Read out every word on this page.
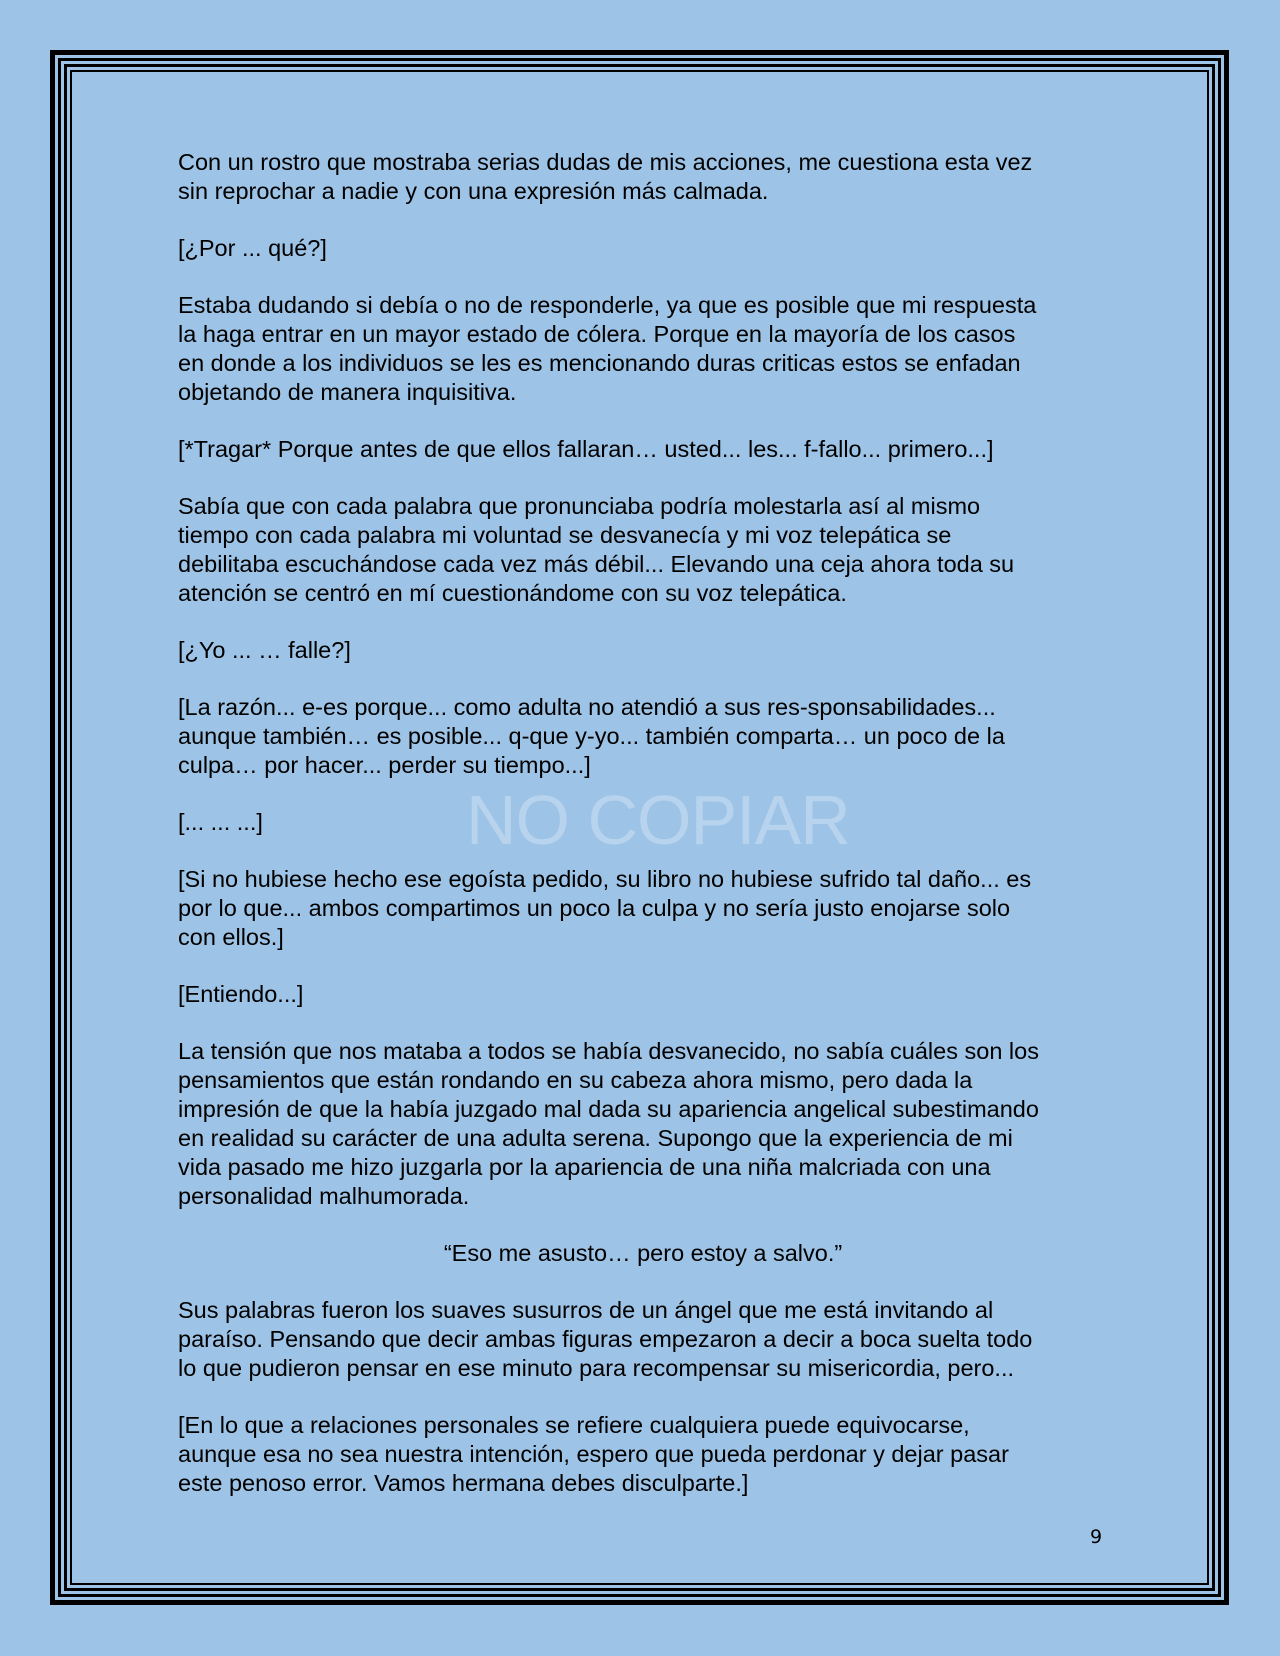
NO COPIAR

Con un rostro que mostraba serias dudas de mis acciones, me cuestiona esta vez
sin reprochar a nadie y con una expresión más calmada.

[¿Por ... qué?]

Estaba dudando si debía o no de responderle, ya que es posible que mi respuesta
la haga entrar en un mayor estado de cólera. Porque en la mayoría de los casos
en donde a los individuos se les es mencionando duras criticas estos se enfadan
objetando de manera inquisitiva.

[*Tragar* Porque antes de que ellos fallaran… usted... les... f-fallo... primero...]

Sabía que con cada palabra que pronunciaba podría molestarla así al mismo
tiempo con cada palabra mi voluntad se desvanecía y mi voz telepática se
debilitaba escuchándose cada vez más débil... Elevando una ceja ahora toda su
atención se centró en mí cuestionándome con su voz telepática.

[¿Yo ... … falle?]

[La razón... e-es porque... como adulta no atendió a sus res-sponsabilidades...
aunque también… es posible... q-que y-yo... también comparta… un poco de la
culpa… por hacer... perder su tiempo...]

[... ... ...]

[Si no hubiese hecho ese egoísta pedido, su libro no hubiese sufrido tal daño... es
por lo que... ambos compartimos un poco la culpa y no sería justo enojarse solo
con ellos.]

[Entiendo...]

La tensión que nos mataba a todos se había desvanecido, no sabía cuáles son los
pensamientos que están rondando en su cabeza ahora mismo, pero dada la
impresión de que la había juzgado mal dada su apariencia angelical subestimando
en realidad su carácter de una adulta serena. Supongo que la experiencia de mi
vida pasado me hizo juzgarla por la apariencia de una niña malcriada con una
personalidad malhumorada.

“Eso me asusto… pero estoy a salvo.”

Sus palabras fueron los suaves susurros de un ángel que me está invitando al
paraíso. Pensando que decir ambas figuras empezaron a decir a boca suelta todo
lo que pudieron pensar en ese minuto para recompensar su misericordia, pero...

[En lo que a relaciones personales se refiere cualquiera puede equivocarse,
aunque esa no sea nuestra intención, espero que pueda perdonar y dejar pasar
este penoso error. Vamos hermana debes disculparte.]

9
